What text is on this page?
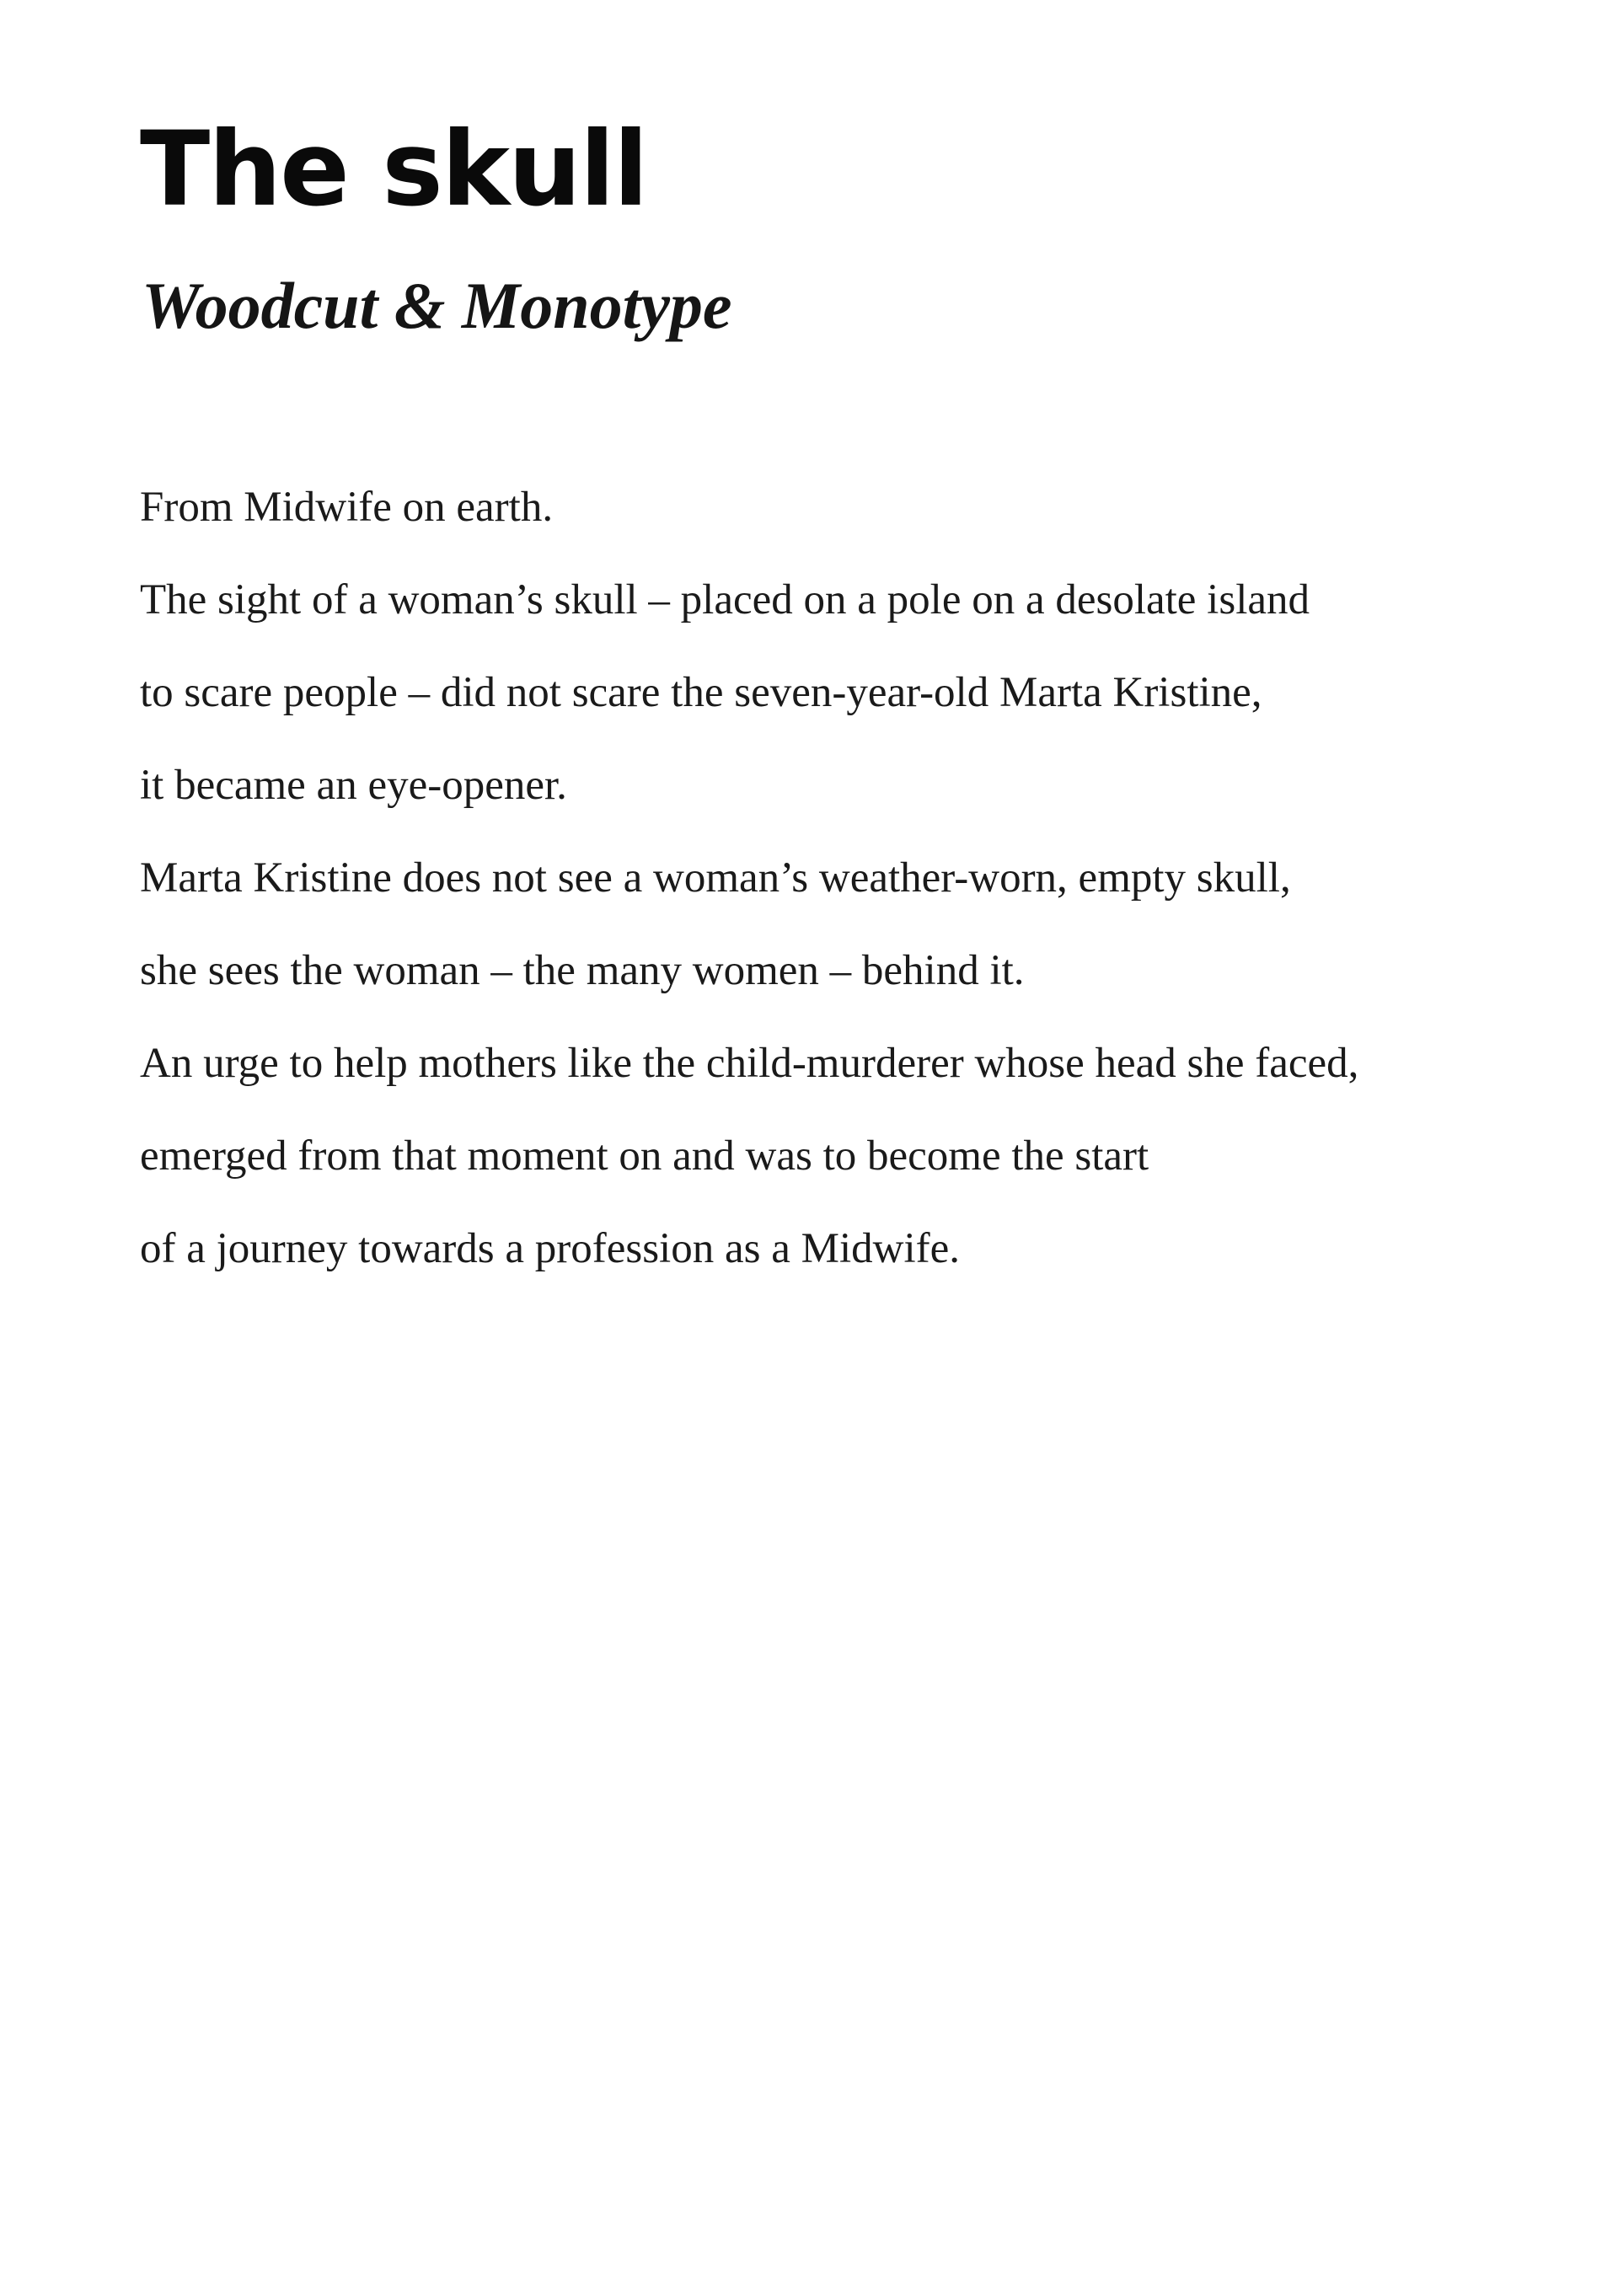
The skull
Woodcut & Monotype
From Midwife on earth.
The sight of a woman’s skull – placed on a pole on a desolate island
to scare people – did not scare the seven-year-old Marta Kristine,
it became an eye-opener.
Marta Kristine does not see a woman’s weather-worn, empty skull,
she sees the woman – the many women – behind it.
An urge to help mothers like the child-murderer whose head she faced,
emerged from that moment on and was to become the start
of a journey towards a profession as a Midwife.
